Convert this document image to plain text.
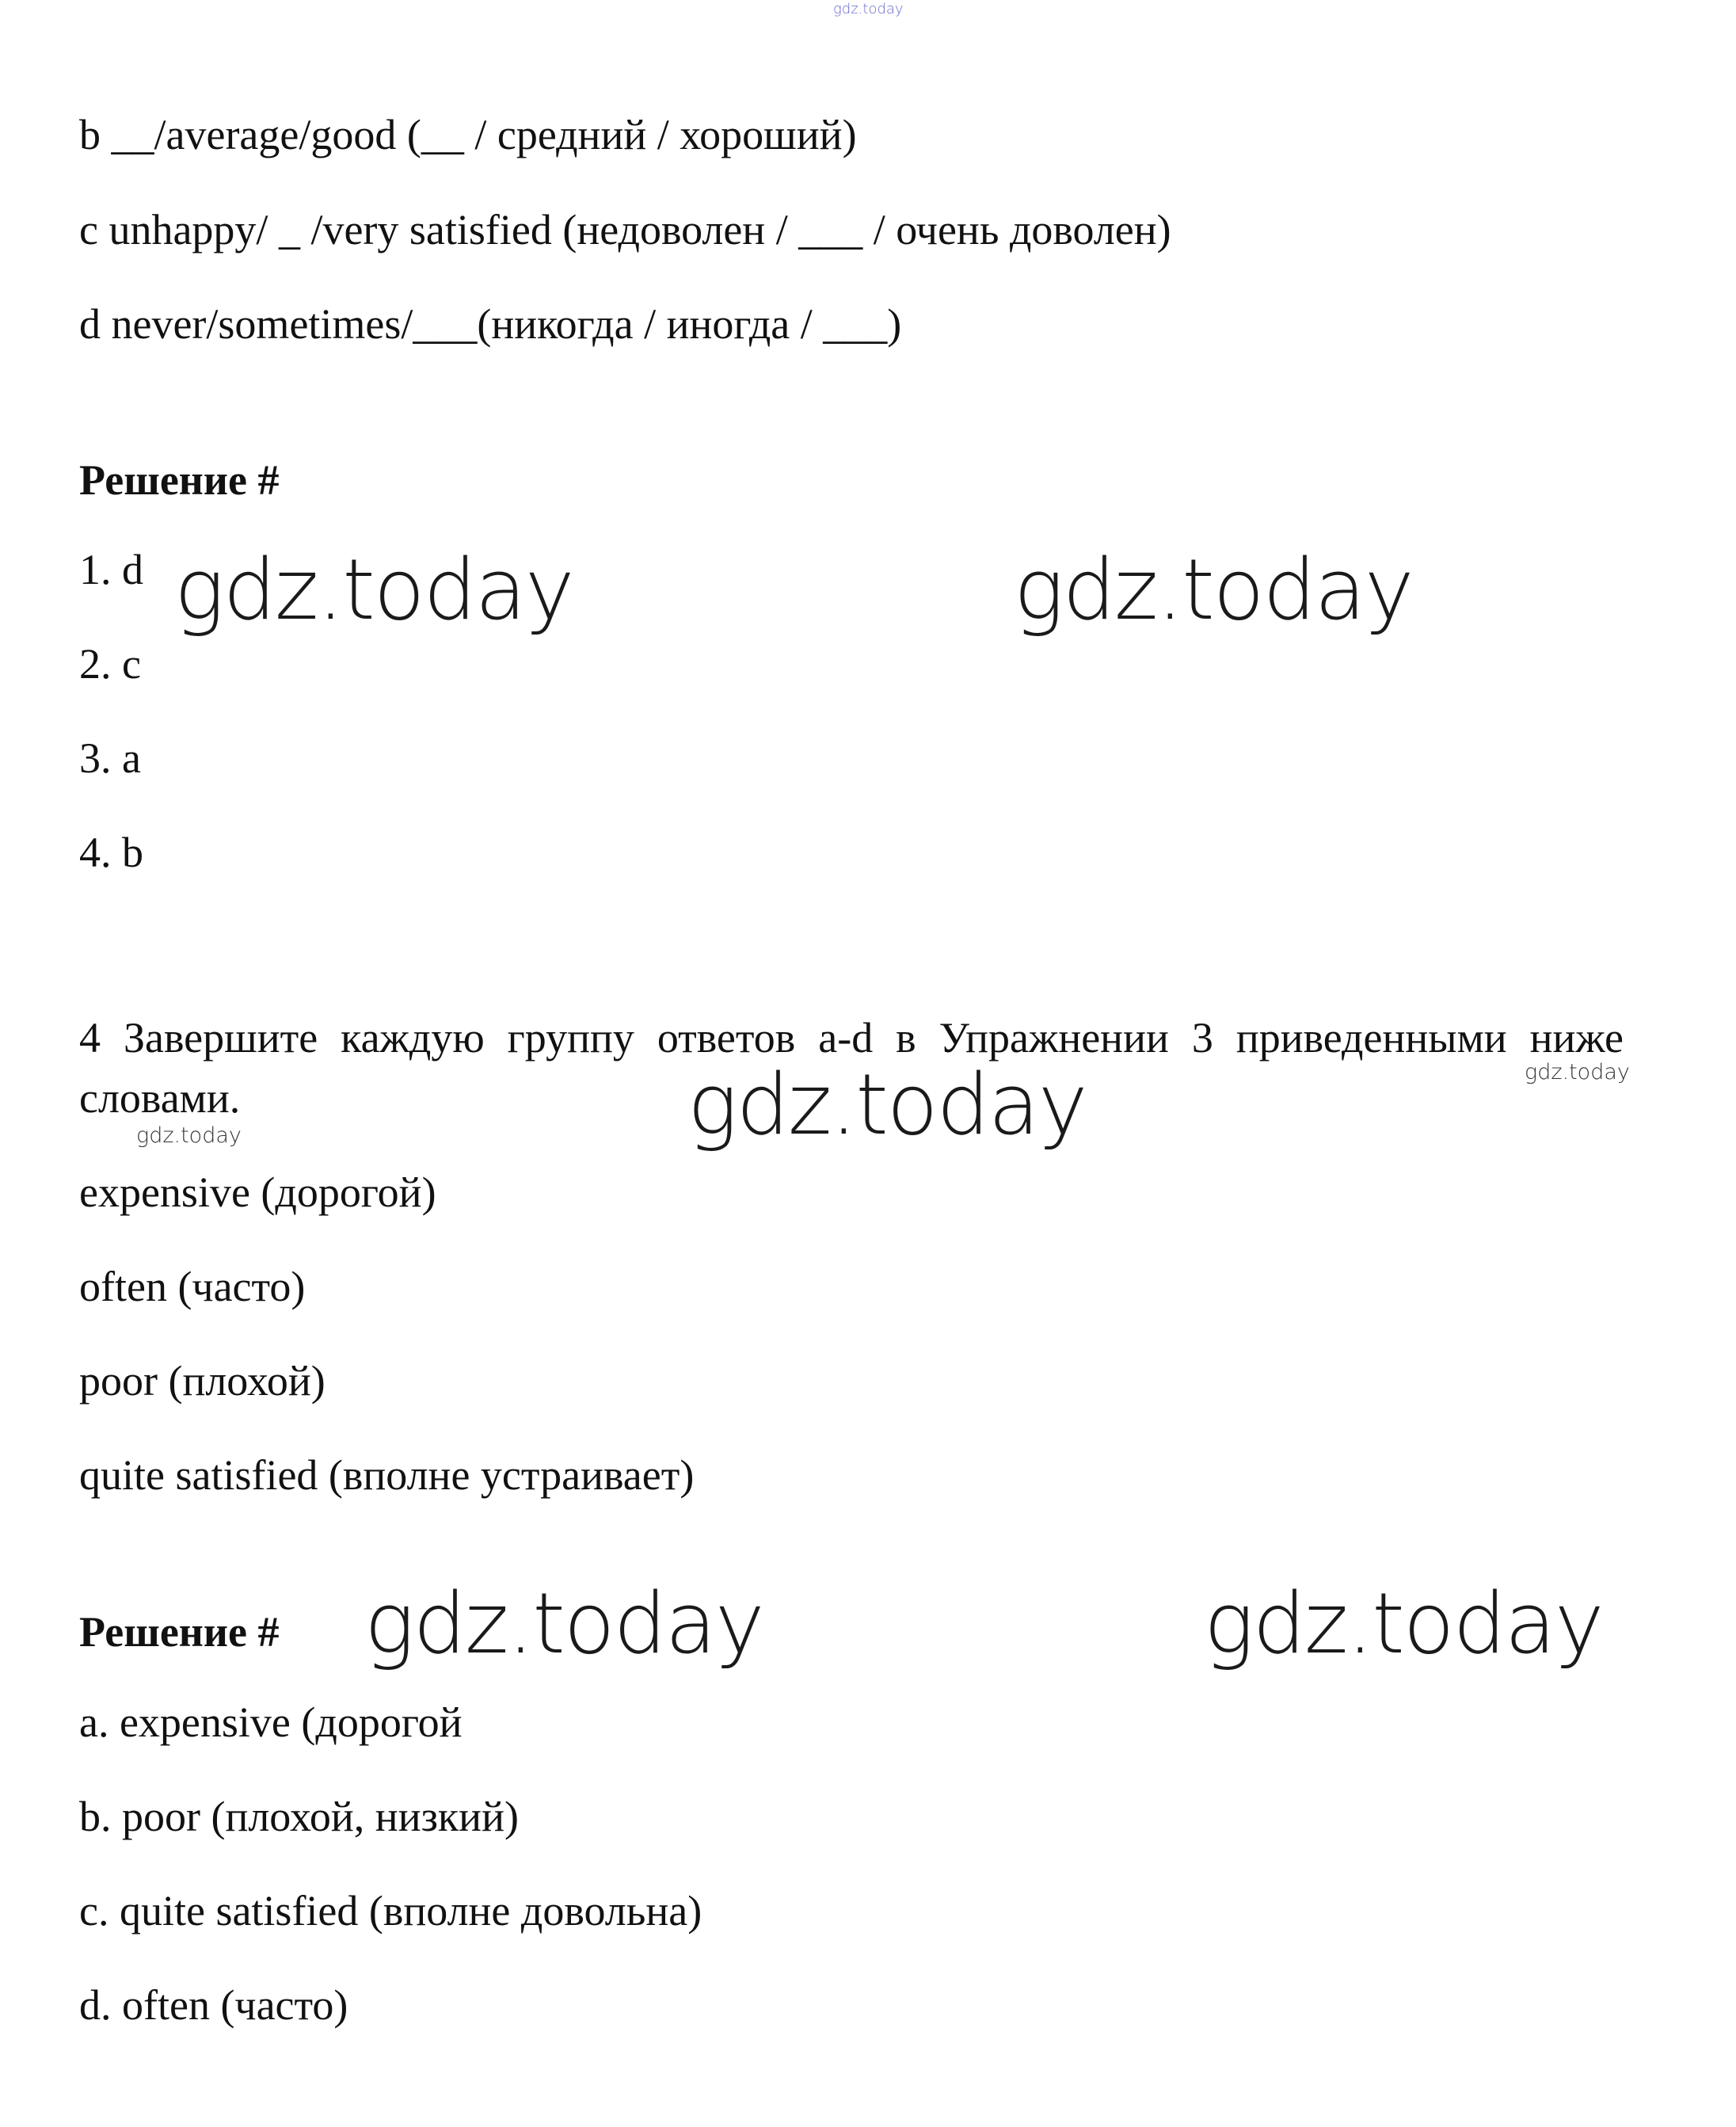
gdz.today
b __/average/good (__ / средний / хороший)
c unhappy/ _ /very satisfied (недоволен / ___ / очень доволен)
d never/sometimes/___(никогда / иногда / ___)
Решение #
1. d
2. c
3. a
4. b
gdz.today	gdz.today
4 Завершите каждую группу ответов a-d в Упражнении 3 приведенными ниже словами.	gdz.today	gdz.today
gdz.today
expensive (дорогой)
often (часто)
poor (плохой)
quite satisfied (вполне устраивает)
Решение # gdz.today	gdz.today
a. expensive (дорогой
b. poor (плохой, низкий)
c. quite satisfied (вполне довольна)
d. often (часто)
